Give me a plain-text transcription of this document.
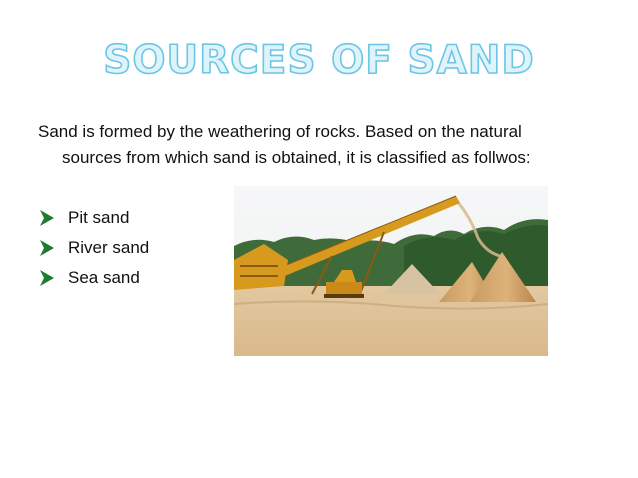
SOURCES OF SAND

Sand is formed by the weathering of rocks. Based on the natural
sources from which sand is obtained, it is classified as follwos:

Pit sand
River sand
Sea sand
